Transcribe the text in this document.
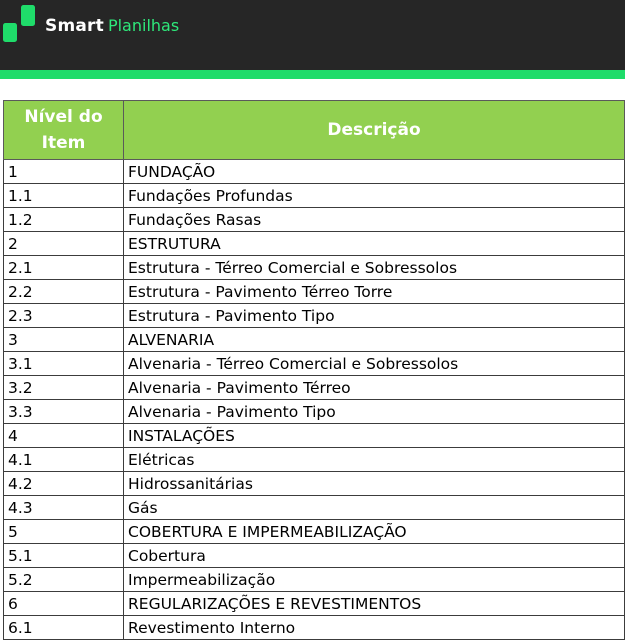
Smart Planilhas
Nível do
Item	Descrição
1	FUNDAÇÃO
1.1	Fundações Profundas
1.2	Fundações Rasas
2	ESTRUTURA
2.1	Estrutura - Térreo Comercial e Sobressolos
2.2	Estrutura - Pavimento Térreo Torre
2.3	Estrutura - Pavimento Tipo
3	ALVENARIA
3.1	Alvenaria - Térreo Comercial e Sobressolos
3.2	Alvenaria - Pavimento Térreo
3.3	Alvenaria - Pavimento Tipo
4	INSTALAÇÕES
4.1	Elétricas
4.2	Hidrossanitárias
4.3	Gás
5	COBERTURA E IMPERMEABILIZAÇÃO
5.1	Cobertura
5.2	Impermeabilização
6	REGULARIZAÇÕES E REVESTIMENTOS
6.1	Revestimento Interno
